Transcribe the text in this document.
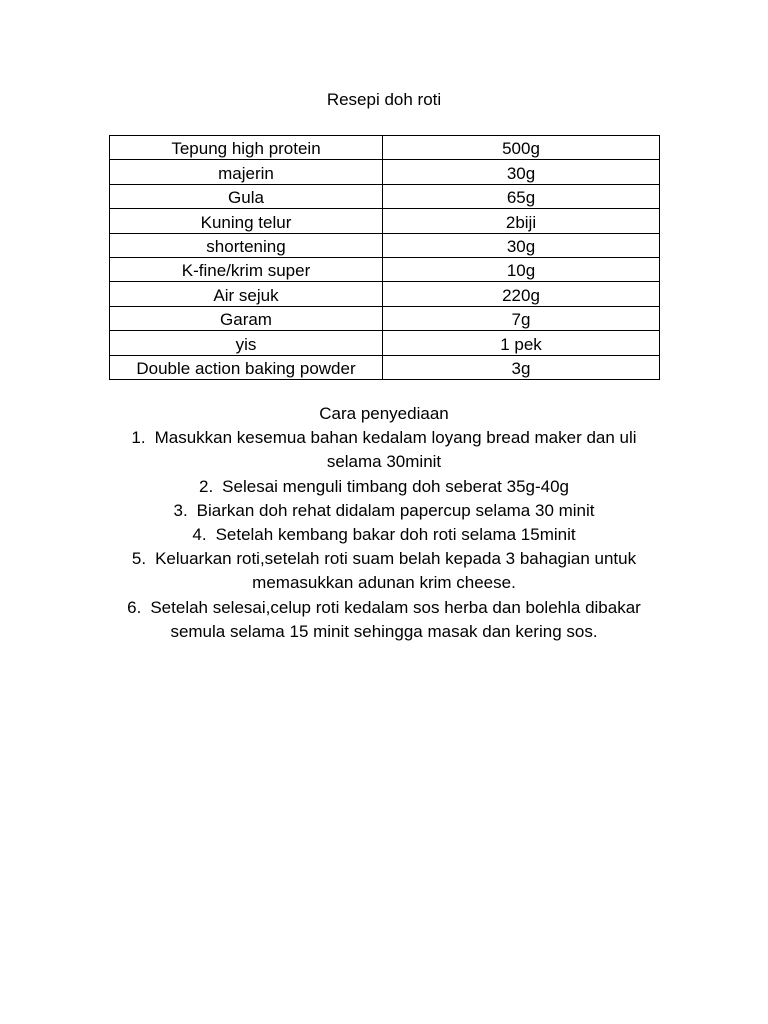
Resepi doh roti
Tepung high protein	500g
majerin	30g
Gula	65g
Kuning telur	2biji
shortening	30g
K-fine/krim super	10g
Air sejuk	220g
Garam	7g
yis	1 pek
Double action baking powder	3g
Cara penyediaan
1. Masukkan kesemua bahan kedalam loyang bread maker dan uli selama 30minit
2. Selesai menguli timbang doh seberat 35g-40g
3. Biarkan doh rehat didalam papercup selama 30 minit
4. Setelah kembang bakar doh roti selama 15minit
5. Keluarkan roti,setelah roti suam belah kepada 3 bahagian untuk memasukkan adunan krim cheese.
6. Setelah selesai,celup roti kedalam sos herba dan bolehla dibakar semula selama 15 minit sehingga masak dan kering sos.
